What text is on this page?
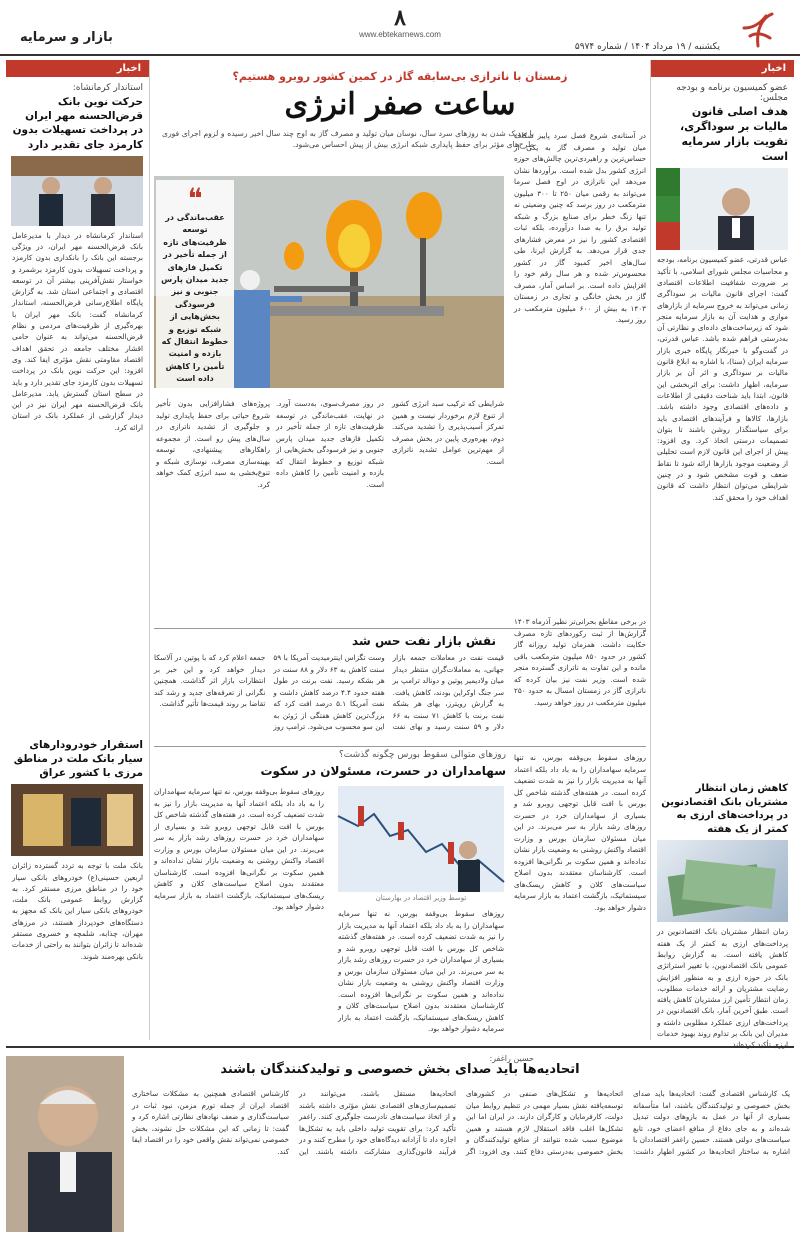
بازار و سرمایه
۸
www.ebtekarnews.com
یکشنبه / ۱۹ مرداد ۱۴۰۴ / شماره ۵۹۷۴
اخبار
عضو کمیسیون برنامه و بودجه مجلس:
هدف اصلی قانون مالیات بر سوداگری، تقویت بازار سرمایه است
عباس قدرتی، عضو کمیسیون برنامه، بودجه و محاسبات مجلس شورای اسلامی، با تأکید بر ضرورت شفافیت اطلاعات اقتصادی گفت: اجرای قانون مالیات بر سوداگری زمانی می‌تواند به خروج سرمایه از بازارهای موازی و هدایت آن به بازار سرمایه منجر شود که زیرساخت‌های داده‌ای و نظارتی آن به‌درستی فراهم شده باشد. عباس قدرتی، در گفت‌وگو با خبرنگار پایگاه خبری بازار سرمایه ایران (سنا)، با اشاره به ابلاغ قانون مالیات بر سوداگری و اثر آن بر بازار سرمایه، اظهار داشت: برای اثربخشی این قانون، ابتدا باید شناخت دقیقی از اطلاعات و داده‌های اقتصادی وجود داشته باشد. بازارها، کالاها و فرآیندهای اقتصادی باید برای سیاستگذار روشن باشند تا بتوان تصمیمات درستی اتخاذ کرد. وی افزود: پیش از اجرای این قانون لازم است تحلیلی از وضعیت موجود بازارها ارائه شود تا نقاط ضعف و قوت مشخص شود و در چنین شرایطی می‌توان انتظار داشت که قانون اهداف خود را محقق کند.
کاهش زمان انتظار مشتریان بانک اقتصادنوین در پرداخت‌های ارزی به کمتر از یک هفته
زمان انتظار مشتریان بانک اقتصادنوین در پرداخت‌های ارزی به کمتر از یک هفته کاهش یافته است. به گزارش روابط عمومی بانک اقتصادنوین، با تغییر استراتژی بانک در حوزه ارزی و به منظور افزایش رضایت مشتریان و ارائه خدمات مطلوب، زمان انتظار تأمین ارز مشتریان کاهش یافته است. طبق آخرین آمار، بانک اقتصادنوین در پرداخت‌های ارزی عملکرد مطلوبی داشته و مدیران این بانک بر تداوم روند بهبود خدمات ارزی تأکید کرده‌اند.
زمستان با ناترازی بی‌سابقه گاز در کمین کشور روبرو هستیم؟
ساعت صفر انرژی
با نزدیک شدن به روزهای سرد سال، نوسان میان تولید و مصرف گاز به اوج چند سال اخیر رسیده و لزوم اجرای فوری طرح‌های مؤثر برای حفظ پایداری شبکه انرژی بیش از پیش احساس می‌شود.
در آستانه‌ی شروع فصل سرد پاییز شکاف میان تولید و مصرف گاز به یکی از حساس‌ترین و راهبردی‌ترین چالش‌های حوزه انرژی کشور بدل شده است. برآوردها نشان می‌دهد این ناترازی در اوج فصل سرما می‌تواند به رقمی میان ۲۵۰ تا ۳۰۰ میلیون مترمکعب در روز برسد که چنین وضعیتی نه تنها زنگ خطر برای صنایع بزرگ و شبکه تولید برق را به صدا درآورده، بلکه ثبات اقتصادی کشور را نیز در معرض فشارهای جدی قرار می‌دهد. به گزارش ایرنا، طی سال‌های اخیر کمبود گاز در کشور محسوس‌تر شده و هر سال رقم خود را افزایش داده است. بر اساس آمار، مصرف گاز در بخش خانگی و تجاری در زمستان ۱۴۰۳ به بیش از ۶۰۰ میلیون مترمکعب در روز رسید.
❝
عقب‌ماندگی در توسعه ظرفیت‌های تازه از جمله تأخیر در تکمیل فازهای جدید میدان پارس جنوبی و نیز فرسودگی بخش‌هایی از شبکه توزیع و خطوط انتقال که بازده و امنیت تأمین را کاهش داده است
شرایطی که ترکیب سبد انرژی کشور از تنوع لازم برخوردار نیست و همین تمرکز آسیب‌پذیری را تشدید می‌کند. دوم، بهره‌وری پایین در بخش مصرف از مهم‌ترین عوامل تشدید ناترازی است.
در روز مصرف‌سوی، به‌دست آورد. در نهایت، عقب‌ماندگی در توسعه ظرفیت‌های تازه از جمله تأخیر در تکمیل فازهای جدید میدان پارس جنوبی و نیز فرسودگی بخش‌هایی از شبکه توزیع و خطوط انتقال که بازده و امنیت تأمین را کاهش داده است.
پروژه‌های فشارافزایی بدون تأخیر شروع حیاتی برای حفظ پایداری تولید و جلوگیری از تشدید ناترازی در سال‌های پیش رو است. از مجموعه راهکارهای پیشنهادی، توسعه بهینه‌سازی مصرف، نوسازی شبکه و تنوع‌بخشی به سبد انرژی کمک خواهد کرد.
در برخی مقاطع بحرانی‌تر نظیر آذرماه ۱۴۰۳ گزارش‌ها از ثبت رکوردهای تازه مصرف حکایت داشت. همزمان تولید روزانه گاز کشور در حدود ۸۵۰ میلیون مترمکعب باقی مانده و این تفاوت به ناترازی گسترده منجر شده است. وزیر نفت نیز بیان کرده که ناترازی گاز در زمستان امسال به حدود ۲۵۰ میلیون مترمکعب در روز خواهد رسید.
نقش بازار نفت حس شد
قیمت نفت در معاملات جمعه بازار جهانی، به معاملات‌گران منتظر دیدار میان ولادیمیر پوتین و دونالد ترامپ بر سر جنگ اوکراین بودند، کاهش یافت. به گزارش رویترز، بهای هر بشکه نفت برنت با کاهش ۷۱ سنت به ۶۶ دلار و ۵۹ سنت رسید و بهای نفت وست تگزاس اینترمیدیت آمریکا با ۵۹ سنت کاهش به ۶۳ دلار و ۸۸ سنت در هر بشکه رسید. نفت برنت در طول هفته حدود ۴.۴ درصد کاهش داشت و نفت آمریکا ۵.۱ درصد افت کرد که بزرگ‌ترین کاهش هفتگی از ژوئن به این سو محسوب می‌شود. ترامپ روز جمعه اعلام کرد که با پوتین در آلاسکا دیدار خواهد کرد و این خبر بر انتظارات بازار اثر گذاشت. همچنین نگرانی از تعرفه‌های جدید و رشد کند تقاضا بر روند قیمت‌ها تأثیر گذاشت.
روزهای متوالی سقوط بورس چگونه گذشت؟
سهامداران در حسرت، مسئولان در سکوت
روزهای سقوط بی‌وقفه بورس، نه تنها سرمایه سهامداران را به باد داد بلکه اعتماد آنها به مدیریت بازار را نیز به شدت تضعیف کرده است. در هفته‌های گذشته شاخص کل بورس با افت قابل توجهی روبرو شد و بسیاری از سهامداران خرد در حسرت روزهای رشد بازار به سر می‌برند. در این میان مسئولان سازمان بورس و وزارت اقتصاد واکنش روشنی به وضعیت بازار نشان نداده‌اند و همین سکوت بر نگرانی‌ها افزوده است. کارشناسان معتقدند بدون اصلاح سیاست‌های کلان و کاهش ریسک‌های سیستماتیک، بازگشت اعتماد به بازار سرمایه دشوار خواهد بود.
توسط وزیر اقتصاد در بهارستان
روزهای سقوط بی‌وقفه بورس، نه تنها سرمایه سهامداران را به باد داد بلکه اعتماد آنها به مدیریت بازار را نیز به شدت تضعیف کرده است. در هفته‌های گذشته شاخص کل بورس با افت قابل توجهی روبرو شد و بسیاری از سهامداران خرد در حسرت روزهای رشد بازار به سر می‌برند. در این میان مسئولان سازمان بورس و وزارت اقتصاد واکنش روشنی به وضعیت بازار نشان نداده‌اند و همین سکوت بر نگرانی‌ها افزوده است. کارشناسان معتقدند بدون اصلاح سیاست‌های کلان و کاهش ریسک‌های سیستماتیک، بازگشت اعتماد به بازار سرمایه دشوار خواهد بود.
روزهای سقوط بی‌وقفه بورس، نه تنها سرمایه سهامداران را به باد داد بلکه اعتماد آنها به مدیریت بازار را نیز به شدت تضعیف کرده است. در هفته‌های گذشته شاخص کل بورس با افت قابل توجهی روبرو شد و بسیاری از سهامداران خرد در حسرت روزهای رشد بازار به سر می‌برند. در این میان مسئولان سازمان بورس و وزارت اقتصاد واکنش روشنی به وضعیت بازار نشان نداده‌اند و همین سکوت بر نگرانی‌ها افزوده است. کارشناسان معتقدند بدون اصلاح سیاست‌های کلان و کاهش ریسک‌های سیستماتیک، بازگشت اعتماد به بازار سرمایه دشوار خواهد بود.
اخبار
استاندار کرمانشاه:
حرکت نوین بانک قرض‌الحسنه مهر ایران در پرداخت تسهیلات بدون کارمزد جای تقدیر دارد
استاندار کرمانشاه در دیدار با مدیرعامل بانک قرض‌الحسنه مهر ایران، در ویژگی برجسته این بانک را بانکداری بدون کارمزد و پرداخت تسهیلات بدون کارمزد برشمرد و خواستار نقش‌آفرینی بیشتر آن در توسعه اقتصادی و اجتماعی استان شد. به گزارش پایگاه اطلاع‌رسانی قرض‌الحسنه، استاندار کرمانشاه گفت: بانک مهر ایران با بهره‌گیری از ظرفیت‌های مردمی و نظام قرض‌الحسنه می‌تواند به عنوان حامی اقشار مختلف جامعه در تحقق اهداف اقتصاد مقاومتی نقش مؤثری ایفا کند. وی افزود: این حرکت نوین بانک در پرداخت تسهیلات بدون کارمزد جای تقدیر دارد و باید در سطح استان گسترش یابد. مدیرعامل بانک قرض‌الحسنه مهر ایران نیز در این دیدار گزارشی از عملکرد بانک در استان ارائه کرد.
استقرار خودرودارهای سیار بانک ملت در مناطق مرزی با کشور عراق
بانک ملت با توجه به تردد گسترده زائران اربعین حسینی(ع) خودروهای بانکی سیار خود را در مناطق مرزی مستقر کرد. به گزارش روابط عمومی بانک ملت، خودروهای بانکی سیار این بانک که مجهز به دستگاه‌های خودپرداز هستند، در مرزهای مهران، چذابه، شلمچه و خسروی مستقر شده‌اند تا زائران بتوانند به راحتی از خدمات بانکی بهره‌مند شوند.
حسین راغفر:
اتحادیه‌ها باید صدای بخش خصوصی و تولیدکنندگان باشند
یک کارشناس اقتصادی گفت: اتحادیه‌ها باید صدای بخش خصوصی و تولیدکنندگان باشند، اما متأسفانه بسیاری از آنها در عمل به بازوهای دولت تبدیل شده‌اند و به جای دفاع از منافع اعضای خود، تابع سیاست‌های دولتی هستند. حسین راغفر اقتصاددان با اشاره به ساختار اتحادیه‌ها در کشور اظهار داشت: اتحادیه‌ها و تشکل‌های صنفی در کشورهای توسعه‌یافته نقش بسیار مهمی در تنظیم روابط میان دولت، کارفرمایان و کارگران دارند. در ایران اما این تشکل‌ها اغلب فاقد استقلال لازم هستند و همین موضوع سبب شده نتوانند از منافع تولیدکنندگان و بخش خصوصی به‌درستی دفاع کنند. وی افزود: اگر اتحادیه‌ها مستقل باشند، می‌توانند در تصمیم‌سازی‌های اقتصادی نقش مؤثری داشته باشند و از اتخاذ سیاست‌های نادرست جلوگیری کنند. راغفر تأکید کرد: برای تقویت تولید داخلی باید به تشکل‌ها اجازه داد تا آزادانه دیدگاه‌های خود را مطرح کنند و در فرآیند قانون‌گذاری مشارکت داشته باشند. این کارشناس اقتصادی همچنین به مشکلات ساختاری اقتصاد ایران از جمله تورم مزمن، نبود ثبات در سیاست‌گذاری و ضعف نهادهای نظارتی اشاره کرد و گفت: تا زمانی که این مشکلات حل نشوند، بخش خصوصی نمی‌تواند نقش واقعی خود را در اقتصاد ایفا کند.
